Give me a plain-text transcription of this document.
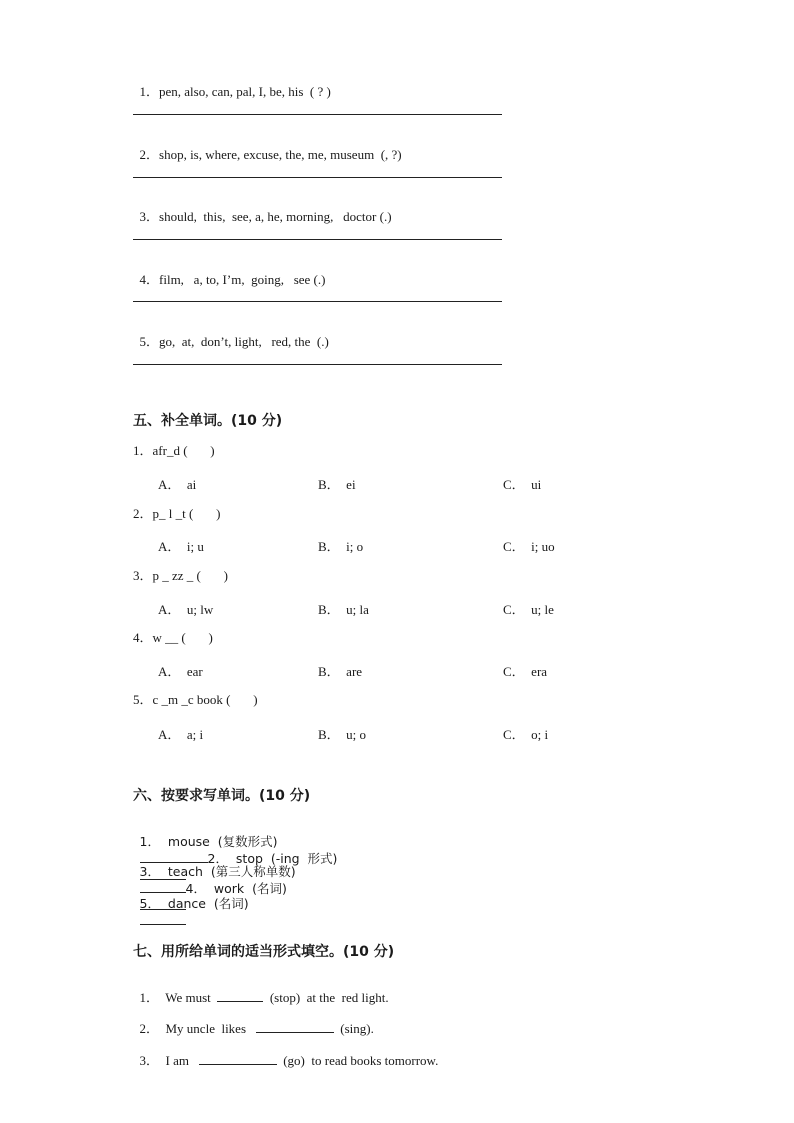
1．pen, also, can, pal, I, be, his  ( ? )

2．shop, is, where, excuse, the, me, museum  (, ?)

3．should,  this,  see, a, he, morning,   doctor (.)

4．film,   a, to, I’m,  going,   see (.)

5．go,  at,  don’t, light,   red, the  (.)

五、补全单词。(10 分)
1．afr_d (       )
A．  ai	B．  ei	C．  ui
2．p_ l _t (       )
A．  i; u	B．  i; o	C．  i; uo
3．p _ zz _ (       )
A．  u; lw	B．  u; la	C．  u; le
4．w __ (       )
A．  ear	B．  are	C．  era
5．c _m _c book (       )
A．  a; i	B．  u; o	C．  o; i
六、按要求写单词。(10 分)

1．  mouse  (复数形式)
2．  stop  (-ing  形式)

3．  teach  (第三人称单数)
4．  work  (名词)

5．  dance  (名词)

七、用所给单词的适当形式填空。(10 分)

1．  We must	(stop)  at the  red light.

2．  My uncle  likes	(sing).

3．  I am	(go)  to read books tomorrow.
